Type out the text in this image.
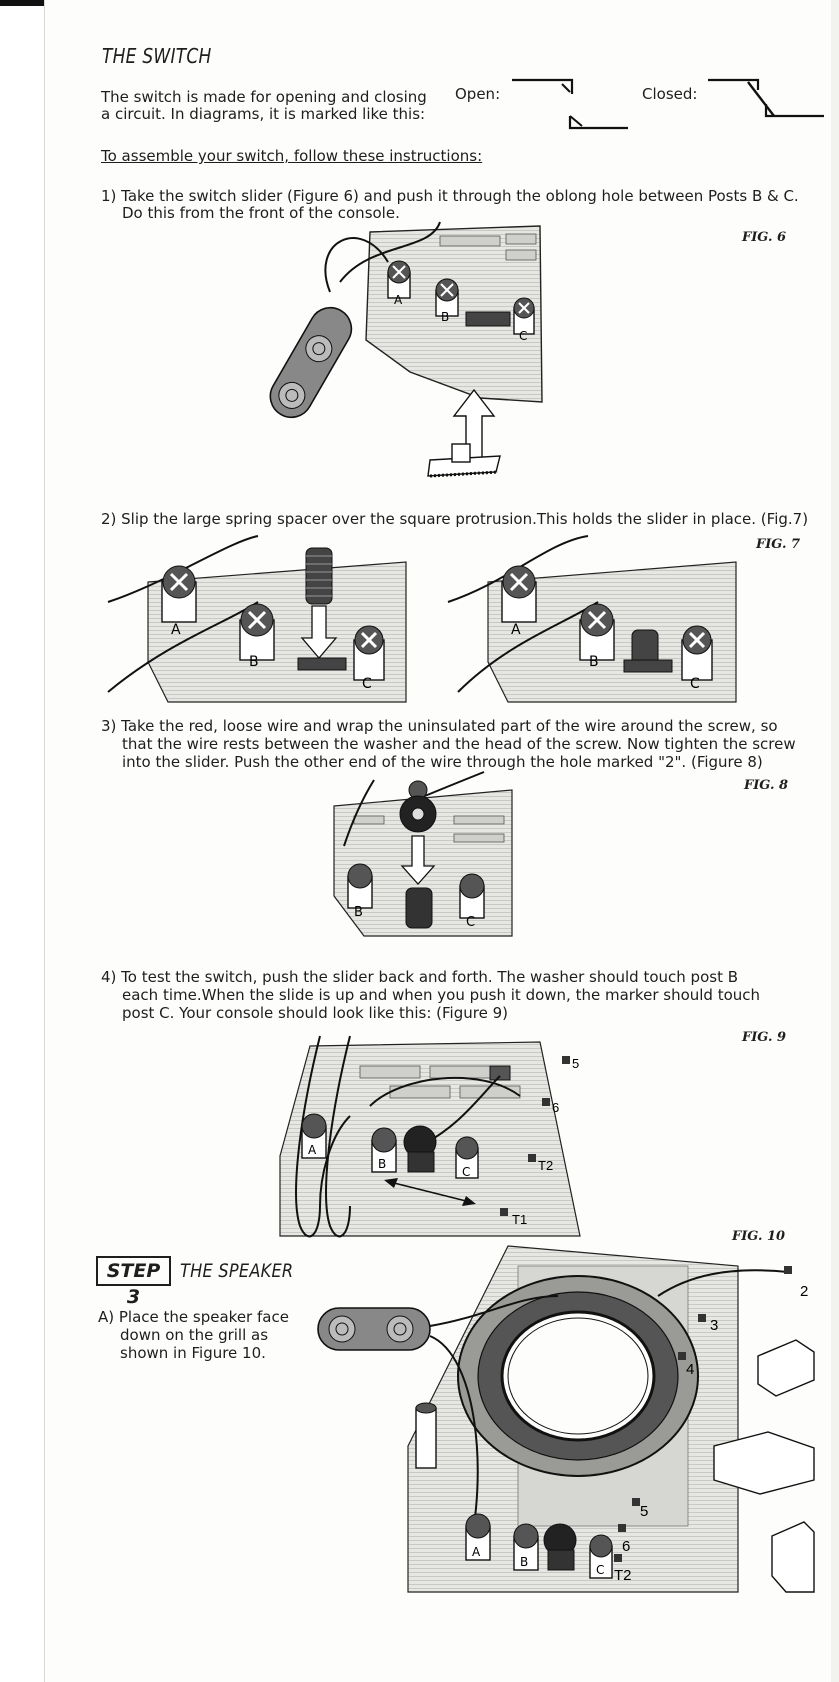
THE SWITCH
The switch is made for opening and closing
a circuit. In diagrams, it is marked like this:
Open:	Closed:
To assemble your switch, follow these instructions:
1) Take the switch slider (Figure 6) and push it through the oblong hole between Posts B & C.
Do this from the front of the console.
FIG. 6
A
B
C
2) Slip the large spring spacer over the square protrusion.This holds the slider in place. (Fig.7)
FIG. 7
A
B
C
A
B
C
3) Take the red, loose wire and wrap the uninsulated part of the wire around the screw, so
that the wire rests between the washer and the head of the screw. Now tighten the screw
into the slider. Push the other end of the wire through the hole marked "2". (Figure 8)
FIG. 8
B
C
4) To test the switch, push the slider back and forth. The washer should touch post B
each time.When the slide is up and when you push it down, the marker should touch
post C. Your console should look like this: (Figure 9)
FIG. 9
5
6
T2
T1
A
B
C
FIG. 10
STEP 3
THE SPEAKER
A) Place the speaker face
down on the grill as
shown in Figure 10.
2
3
4
5
6
T2
A
B
C
